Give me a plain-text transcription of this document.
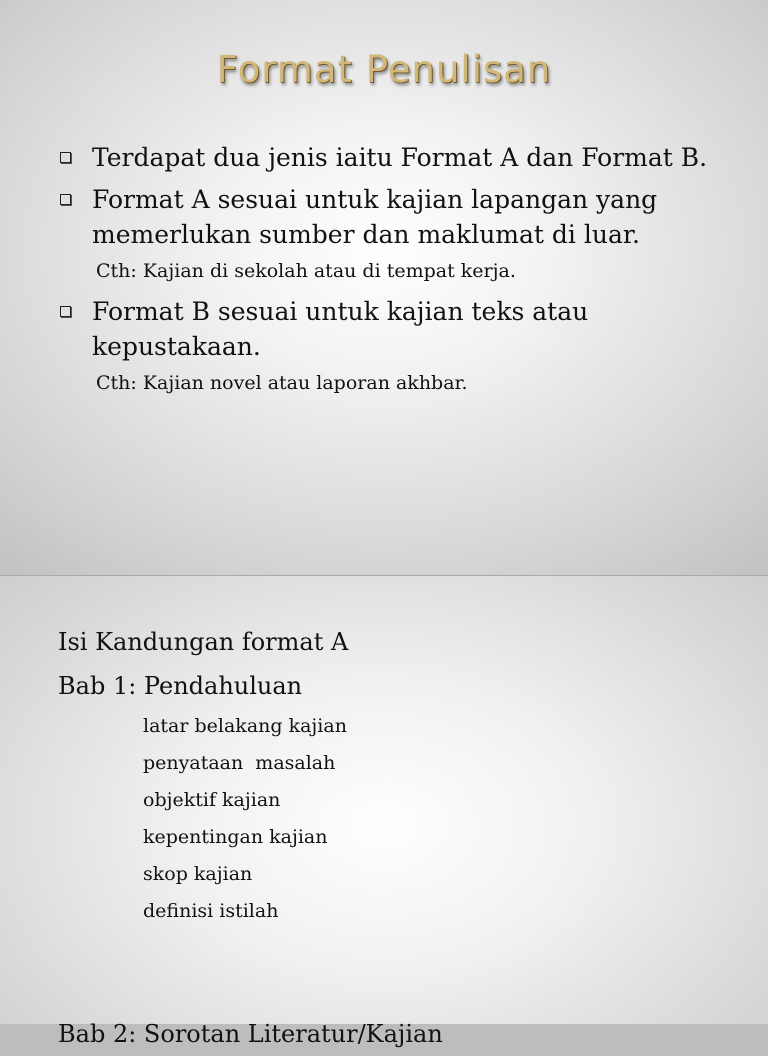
Format Penulisan
Terdapat dua jenis iaitu Format A dan Format B.
Format A sesuai untuk kajian lapangan yang memerlukan sumber dan maklumat di luar.
Cth: Kajian di sekolah atau di tempat kerja.
Format B sesuai untuk kajian teks atau kepustakaan.
Cth: Kajian novel atau laporan akhbar.
Isi Kandungan format A
Bab 1: Pendahuluan
latar belakang kajian
penyataan  masalah
objektif kajian
kepentingan kajian
skop kajian
definisi istilah
Bab 2: Sorotan Literatur/Kajian
